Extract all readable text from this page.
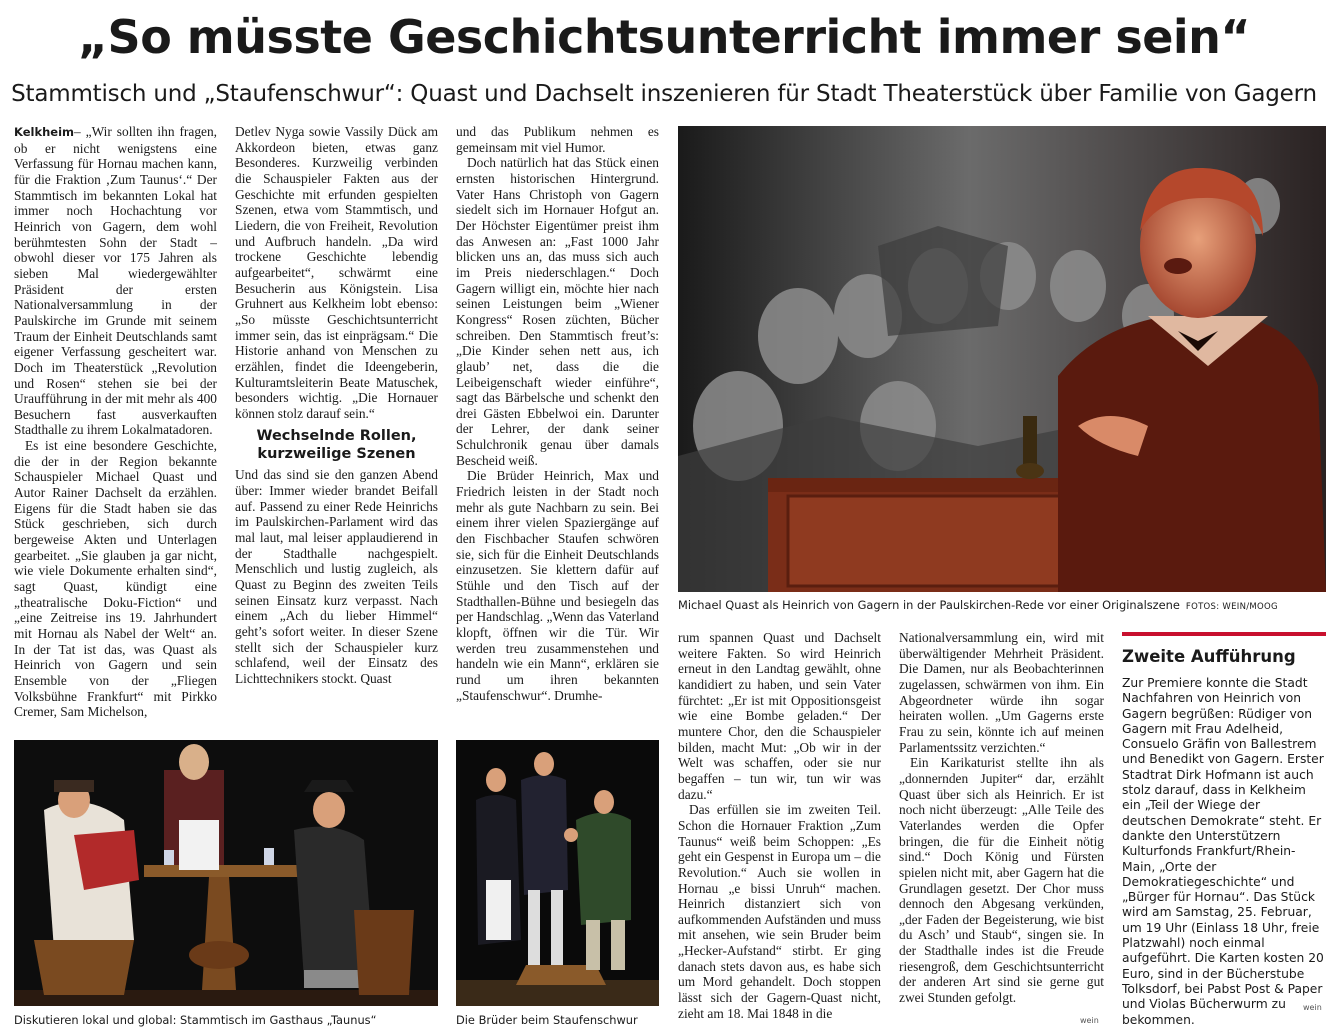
„So müsste Geschichtsunterricht immer sein“
Stammtisch und „Staufenschwur“: Quast und Dachselt inszenieren für Stadt Theaterstück über Familie von Gagern

Kelkheim– „Wir sollten ihn fragen, ob er nicht wenigstens eine Verfassung für Hornau machen kann, für die Fraktion ‚Zum Taunus‘.“ Der Stammtisch im bekannten Lokal hat immer noch Hochachtung vor Heinrich von Gagern, dem wohl berühmtesten Sohn der Stadt – obwohl dieser vor 175 Jahren als sieben Mal wiedergewählter Präsident der ersten Nationalversammlung in der Paulskirche im Grunde mit seinem Traum der Einheit Deutschlands samt eigener Verfassung gescheitert war. Doch im Theaterstück „Revolution und Rosen“ stehen sie bei der Uraufführung in der mit mehr als 400 Besuchern fast ausverkauften Stadthalle zu ihrem Lokalmatadoren.

Es ist eine besondere Geschichte, die der in der Region bekannte Schauspieler Michael Quast und Autor Rainer Dachselt da erzählen. Eigens für die Stadt haben sie das Stück geschrieben, sich durch bergeweise Akten und Unterlagen gearbeitet. „Sie glauben ja gar nicht, wie viele Dokumente erhalten sind“, sagt Quast, kündigt eine „theatralische Doku-Fiction“ und „eine Zeitreise ins 19. Jahrhundert mit Hornau als Nabel der Welt“ an. In der Tat ist das, was Quast als Heinrich von Gagern und sein Ensemble von der „Fliegen Volksbühne Frankfurt“ mit Pirkko Cremer, Sam Michelson,

Detlev Nyga sowie Vassily Dück am Akkordeon bieten, etwas ganz Besonderes. Kurzweilig verbinden die Schauspieler Fakten aus der Geschichte mit erfunden gespielten Szenen, etwa vom Stammtisch, und Liedern, die von Freiheit, Revolution und Aufbruch handeln. „Da wird trockene Geschichte lebendig aufgearbeitet“, schwärmt eine Besucherin aus Königstein. Lisa Gruhnert aus Kelkheim lobt ebenso: „So müsste Geschichtsunterricht immer sein, das ist einprägsam.“ Die Historie anhand von Menschen zu erzählen, findet die Ideengeberin, Kulturamtsleiterin Beate Matuschek, besonders wichtig. „Die Hornauer können stolz darauf sein.“

Wechselnde Rollen, kurzweilige Szenen

Und das sind sie den ganzen Abend über: Immer wieder brandet Beifall auf. Passend zu einer Rede Heinrichs im Paulskirchen-Parlament wird das mal laut, mal leiser applaudierend in der Stadthalle nachgespielt. Menschlich und lustig zugleich, als Quast zu Beginn des zweiten Teils seinen Einsatz kurz verpasst. Nach einem „Ach du lieber Himmel“ geht’s sofort weiter. In dieser Szene stellt sich der Schauspieler kurz schlafend, weil der Einsatz des Lichttechnikers stockt. Quast

und das Publikum nehmen es gemeinsam mit viel Humor.

Doch natürlich hat das Stück einen ernsten historischen Hintergrund. Vater Hans Christoph von Gagern siedelt sich im Hornauer Hofgut an. Der Höchster Eigentümer preist ihm das Anwesen an: „Fast 1000 Jahr blicken uns an, das muss sich auch im Preis niederschlagen.“ Doch Gagern willigt ein, möchte hier nach seinen Leistungen beim „Wiener Kongress“ Rosen züchten, Bücher schreiben. Den Stammtisch freut’s: „Die Kinder sehen nett aus, ich glaub’ net, dass die die Leibeigenschaft wieder einführe“, sagt das Bärbelsche und schenkt den drei Gästen Ebbelwoi ein. Darunter der Lehrer, der dank seiner Schulchronik genau über damals Bescheid weiß.

Die Brüder Heinrich, Max und Friedrich leisten in der Stadt noch mehr als gute Nachbarn zu sein. Bei einem ihrer vielen Spaziergänge auf den Fischbacher Staufen schwören sie, sich für die Einheit Deutschlands einzusetzen. Sie klettern dafür auf Stühle und den Tisch auf der Stadthallen-Bühne und besiegeln das per Handschlag. „Wenn das Vaterland klopft, öffnen wir die Tür. Wir werden treu zusammenstehen und handeln wie ein Mann“, erklären sie rund um ihren bekannten „Staufenschwur“. Drumhe-

Michael Quast als Heinrich von Gagern in der Paulskirchen-Rede vor einer Originalszene FOTOS: WEIN/MOOG

rum spannen Quast und Dachselt weitere Fakten. So wird Heinrich erneut in den Landtag gewählt, ohne kandidiert zu haben, und sein Vater fürchtet: „Er ist mit Oppositionsgeist wie eine Bombe geladen.“ Der muntere Chor, den die Schauspieler bilden, macht Mut: „Ob wir in der Welt was schaffen, oder sie nur begaffen – tun wir, tun wir was dazu.“

Das erfüllen sie im zweiten Teil. Schon die Hornauer Fraktion „Zum Taunus“ weiß beim Schoppen: „Es geht ein Gespenst in Europa um – die Revolution.“ Auch sie wollen in Hornau „e bissi Unruh“ machen. Heinrich distanziert sich von aufkommenden Aufständen und muss mit ansehen, wie sein Bruder beim „Hecker-Aufstand“ stirbt. Er ging danach stets davon aus, es habe sich um Mord gehandelt. Doch stoppen lässt sich der Gagern-Quast nicht, zieht am 18. Mai 1848 in die

Nationalversammlung ein, wird mit überwältigender Mehrheit Präsident. Die Damen, nur als Beobachterinnen zugelassen, schwärmen von ihm. Ein Abgeordneter würde ihn sogar heiraten wollen. „Um Gagerns erste Frau zu sein, könnte ich auf meinen Parlamentssitz verzichten.“

Ein Karikaturist stellte ihn als „donnernden Jupiter“ dar, erzählt Quast über sich als Heinrich. Er ist noch nicht überzeugt: „Alle Teile des Vaterlandes werden die Opfer bringen, die für die Einheit nötig sind.“ Doch König und Fürsten spielen nicht mit, aber Gagern hat die Grundlagen gesetzt. Der Chor muss dennoch den Abgesang verkünden, „der Faden der Begeisterung, wie bist du Asch’ und Staub“, singen sie. In der Stadthalle indes ist die Freude riesengroß, dem Geschichtsunterricht der anderen Art sind sie gerne gut zwei Stunden gefolgt.

wein
Zweite Aufführung

Zur Premiere konnte die Stadt Nachfahren von Heinrich von Gagern begrüßen: Rüdiger von Gagern mit Frau Adelheid, Consuelo Gräfin von Ballestrem und Benedikt von Gagern. Erster Stadtrat Dirk Hofmann ist auch stolz darauf, dass in Kelkheim ein „Teil der Wiege der deutschen Demokrate“ steht. Er dankte den Unterstützern Kulturfonds Frankfurt/Rhein-Main, „Orte der Demokratiegeschichte“ und „Bürger für Hornau“. Das Stück wird am Samstag, 25. Februar, um 19 Uhr (Einlass 18 Uhr, freie Platzwahl) noch einmal aufgeführt. Die Karten kosten 20 Euro, sind in der Bücherstube Tolksdorf, bei Pabst Post & Paper und Violas Bücherwurm zu bekommen.

wein
Diskutieren lokal und global: Stammtisch im Gasthaus „Taunus“	Die Brüder beim Staufenschwur
